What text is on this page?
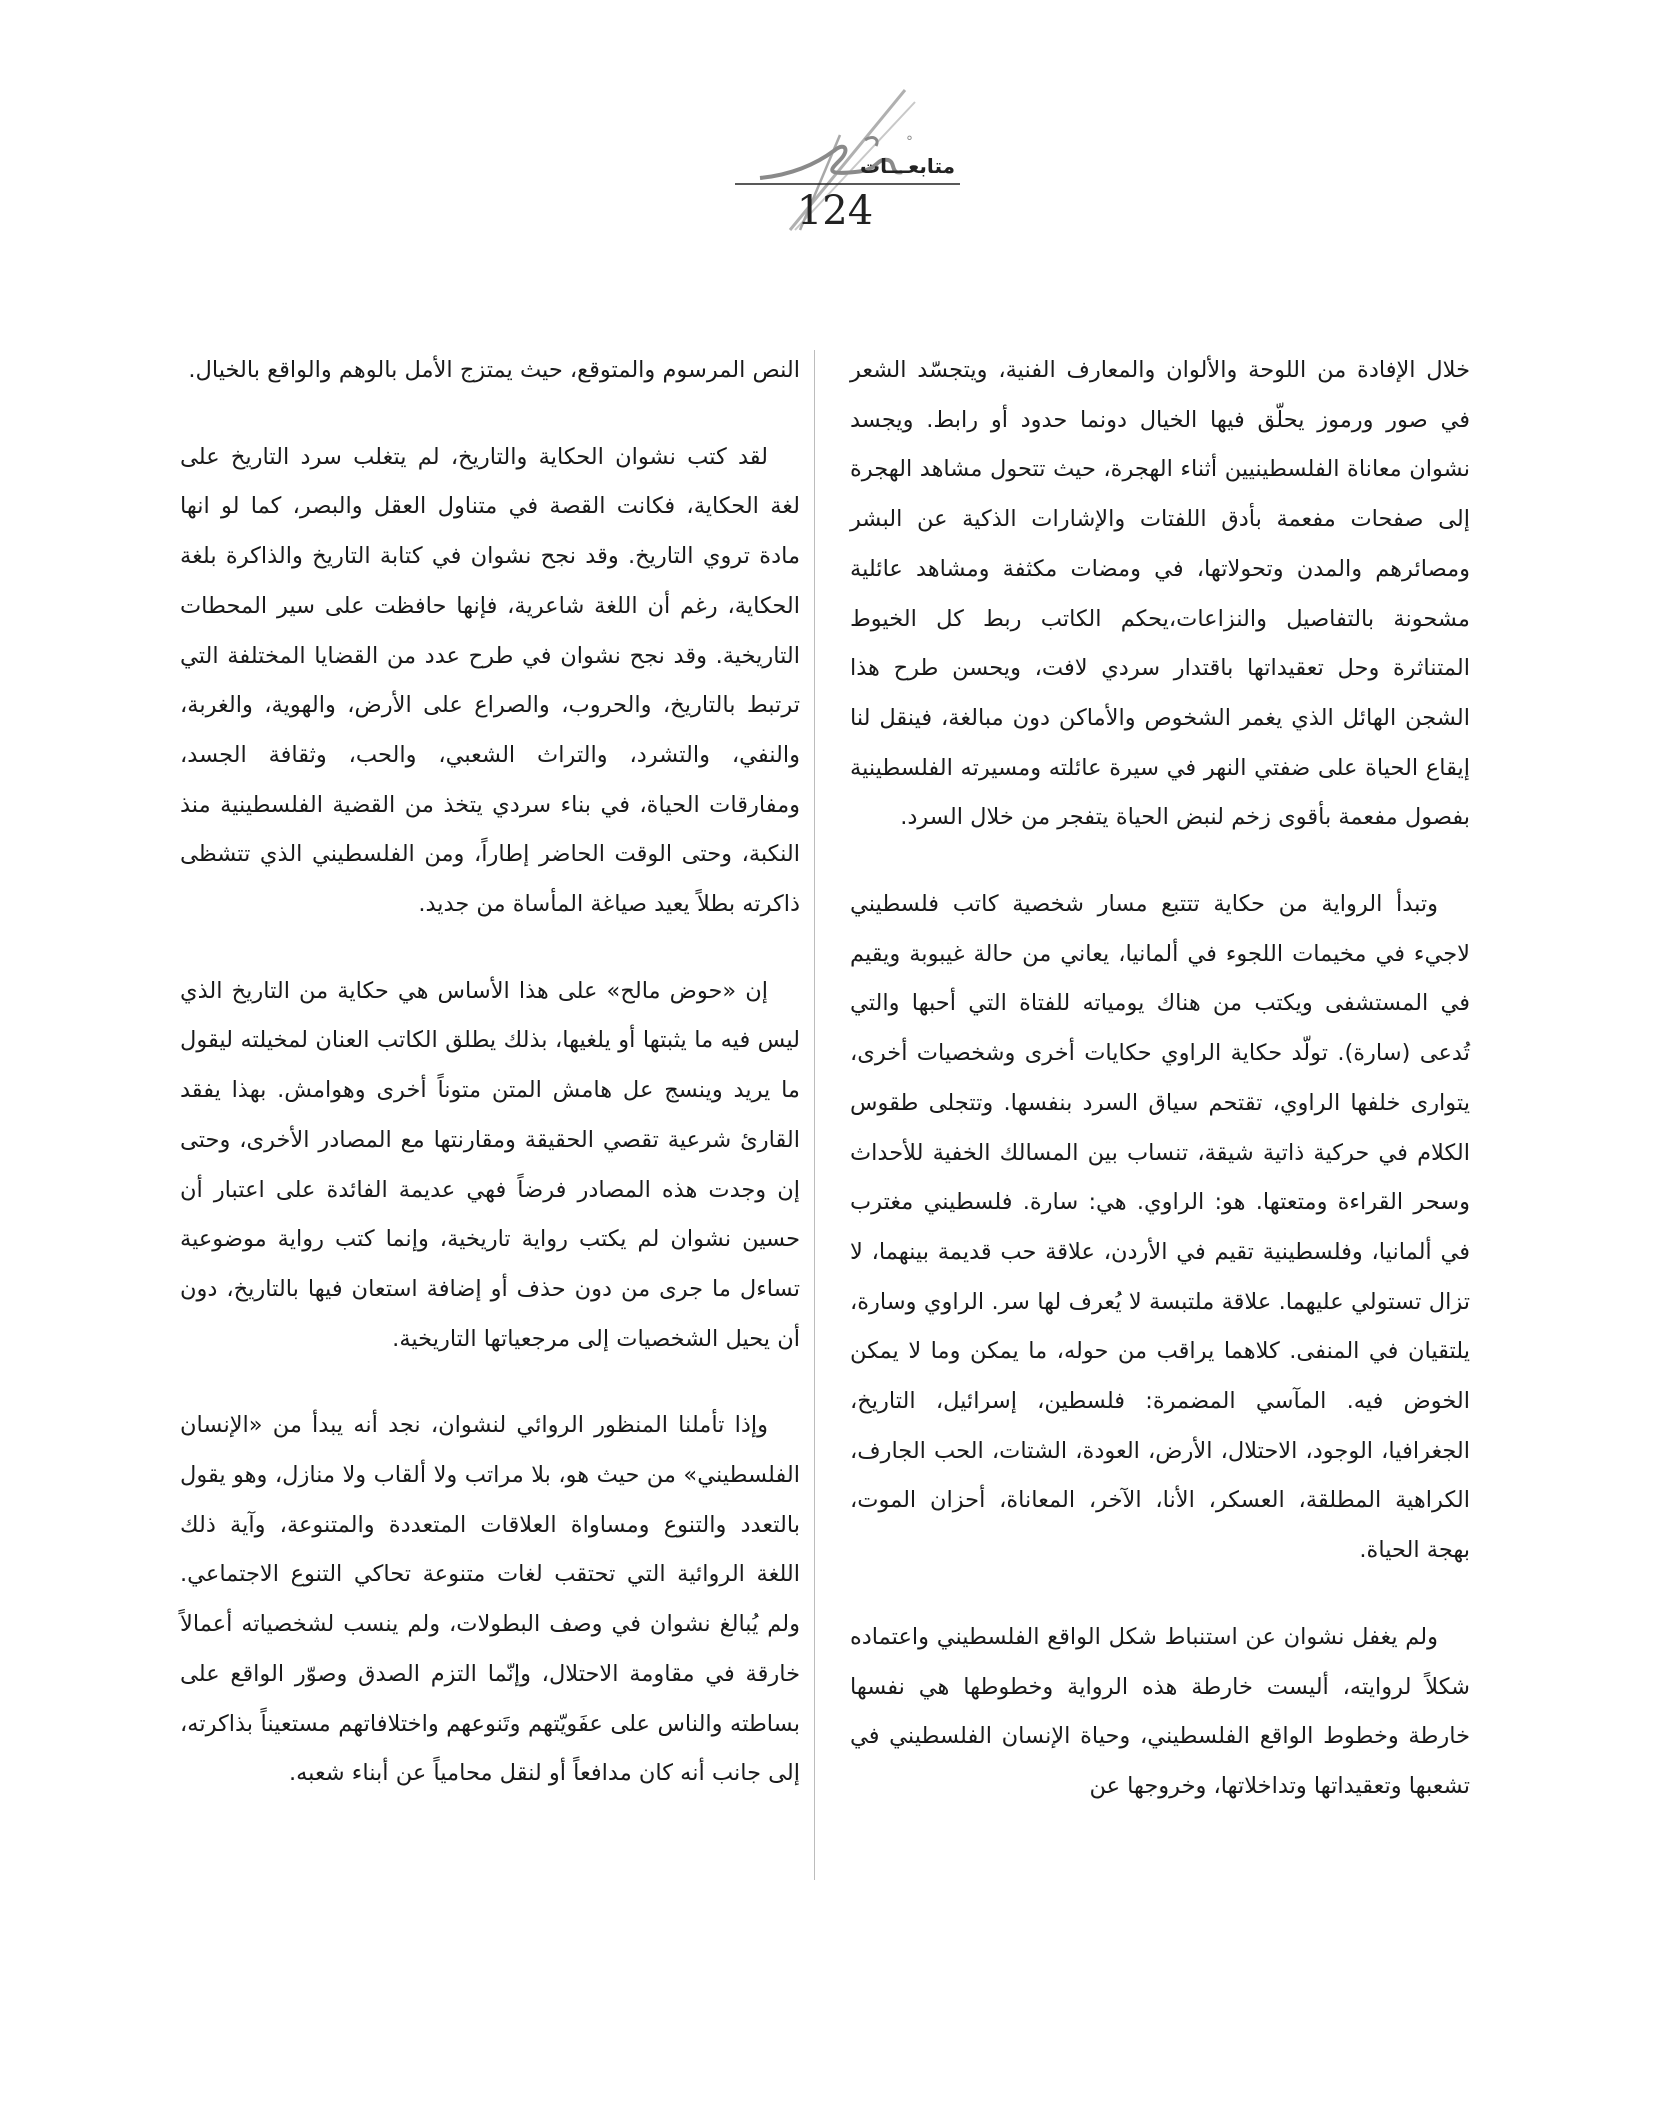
°
أفكار
متابعـــات
124

خلال الإفادة من اللوحة والألوان والمعارف الفنية، ويتجسّد الشعر في صور ورموز يحلّق فيها الخيال دونما حدود أو رابط. ويجسد نشوان معاناة الفلسطينيين أثناء الهجرة، حيث تتحول مشاهد الهجرة إلى صفحات مفعمة بأدق اللفتات والإشارات الذكية عن البشر ومصائرهم والمدن وتحولاتها، في ومضات مكثفة ومشاهد عائلية مشحونة بالتفاصيل والنزاعات،يحكم الكاتب ربط كل الخيوط المتناثرة وحل تعقيداتها باقتدار سردي لافت، ويحسن طرح هذا الشجن الهائل الذي يغمر الشخوص والأماكن دون مبالغة، فينقل لنا إيقاع الحياة على ضفتي النهر في سيرة عائلته ومسيرته الفلسطينية بفصول مفعمة بأقوى زخم لنبض الحياة يتفجر من خلال السرد.

وتبدأ الرواية من حكاية تتتبع مسار شخصية كاتب فلسطيني لاجيء في مخيمات اللجوء في ألمانيا، يعاني من حالة غيبوبة ويقيم في المستشفى ويكتب من هناك يومياته للفتاة التي أحبها والتي تُدعى (سارة). تولّد حكاية الراوي حكايات أخرى وشخصيات أخرى، يتوارى خلفها الراوي، تقتحم سياق السرد بنفسها. وتتجلى طقوس الكلام في حركية ذاتية شيقة، تنساب بين المسالك الخفية للأحداث وسحر القراءة ومتعتها. هو: الراوي. هي: سارة. فلسطيني مغترب في ألمانيا، وفلسطينية تقيم في الأردن، علاقة حب قديمة بينهما، لا تزال تستولي عليهما. علاقة ملتبسة لا يُعرف لها سر. الراوي وسارة، يلتقيان في المنفى. كلاهما يراقب من حوله، ما يمكن وما لا يمكن الخوض فيه. المآسي المضمرة: فلسطين، إسرائيل، التاريخ، الجغرافيا، الوجود، الاحتلال، الأرض، العودة، الشتات، الحب الجارف، الكراهية المطلقة، العسكر، الأنا، الآخر، المعاناة، أحزان الموت، بهجة الحياة.

ولم يغفل نشوان عن استنباط شكل الواقع الفلسطيني واعتماده شكلاً لروايته، أليست خارطة هذه الرواية وخطوطها هي نفسها خارطة وخطوط الواقع الفلسطيني، وحياة الإنسان الفلسطيني في تشعبها وتعقيداتها وتداخلاتها، وخروجها عن

النص المرسوم والمتوقع، حيث يمتزج الأمل بالوهم والواقع بالخيال.

لقد كتب نشوان الحكاية والتاريخ، لم يتغلب سرد التاريخ على لغة الحكاية، فكانت القصة في متناول العقل والبصر، كما لو انها مادة تروي التاريخ. وقد نجح نشوان في كتابة التاريخ والذاكرة بلغة الحكاية، رغم أن اللغة شاعرية، فإنها حافظت على سير المحطات التاريخية. وقد نجح نشوان في طرح عدد من القضايا المختلفة التي ترتبط بالتاريخ، والحروب، والصراع على الأرض، والهوية، والغربة، والنفي، والتشرد، والتراث الشعبي، والحب، وثقافة الجسد، ومفارقات الحياة، في بناء سردي يتخذ من القضية الفلسطينية منذ النكبة، وحتى الوقت الحاضر إطاراً، ومن الفلسطيني الذي تتشظى ذاكرته بطلاً يعيد صياغة المأساة من جديد.

إن «حوض مالح» على هذا الأساس هي حكاية من التاريخ الذي ليس فيه ما يثبتها أو يلغيها، بذلك يطلق الكاتب العنان لمخيلته ليقول ما يريد وينسج عل هامش المتن متوناً أخرى وهوامش. بهذا يفقد القارئ شرعية تقصي الحقيقة ومقارنتها مع المصادر الأخرى، وحتى إن وجدت هذه المصادر فرضاً فهي عديمة الفائدة على اعتبار أن حسين نشوان لم يكتب رواية تاريخية، وإنما كتب رواية موضوعية تساءل ما جرى من دون حذف أو إضافة استعان فيها بالتاريخ، دون أن يحيل الشخصيات إلى مرجعياتها التاريخية.

وإذا تأملنا المنظور الروائي لنشوان، نجد أنه يبدأ من «الإنسان الفلسطيني» من حيث هو، بلا مراتب ولا ألقاب ولا منازل، وهو يقول بالتعدد والتنوع ومساواة العلاقات المتعددة والمتنوعة، وآية ذلك اللغة الروائية التي تحتقب لغات متنوعة تحاكي التنوع الاجتماعي. ولم يُبالغ نشوان في وصف البطولات، ولم ينسب لشخصياته أعمالاً خارقة في مقاومة الاحتلال، وإنّما التزم الصدق وصوّر الواقع على بساطته والناس على عفَويّتهم وتَنوعهم واختلافاتهم مستعيناً بذاكرته، إلى جانب أنه كان مدافعاً أو لنقل محامياً عن أبناء شعبه.
